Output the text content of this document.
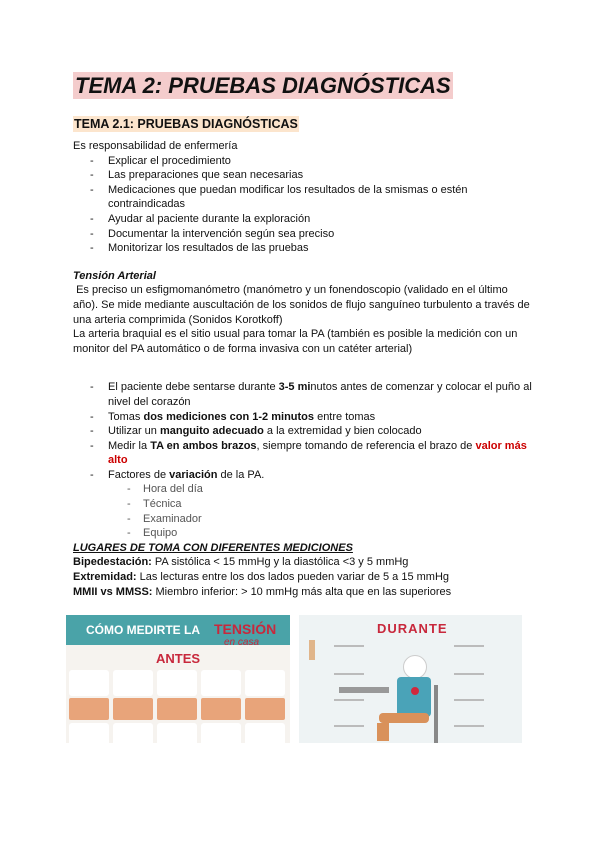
TEMA 2: PRUEBAS DIAGNÓSTICAS
TEMA 2.1: PRUEBAS DIAGNÓSTICAS

Es responsabilidad de enfermería

- Explicar el procedimiento
- Las preparaciones que sean necesarias
- Medicaciones que puedan modificar los resultados de la smismas o estén contraindicadas
- Ayudar al paciente durante la exploración
- Documentar la intervención según sea preciso
- Monitorizar los resultados de las pruebas

Tensión Arterial

Es preciso un esfigmomanómetro (manómetro y un fonendoscopio (validado en el último año). Se mide mediante auscultación de los sonidos de flujo sanguíneo turbulento a través de una arteria comprimida (Sonidos Korotkoff)

La arteria braquial es el sitio usual para tomar la PA (también es posible la medición con un monitor del PA automático o de forma invasiva con un catéter arterial)

- El paciente debe sentarse durante 3-5 minutos antes de comenzar y colocar el puño al nivel del corazón
- Tomas dos mediciones con 1-2 minutos entre tomas
- Utilizar un manguito adecuado a la extremidad y bien colocado
- Medir la TA en ambos brazos, siempre tomando de referencia el brazo de valor más alto
- Factores de variación de la PA.
- Hora del día
- Técnica
- Examinador
- Equipo

LUGARES DE TOMA CON DIFERENTES MEDICIONES

Bipedestación: PA sistólica < 15 mmHg y la diastólica <3 y 5 mmHg

Extremidad: Las lecturas entre los dos lados pueden variar de 5 a 15 mmHg

MMII vs MMSS: Miembro inferior: > 10 mmHg más alta que en las superiores

CÓMO MEDIRTE LA TENSIÓN
en casa
ANTES
DURANTE
